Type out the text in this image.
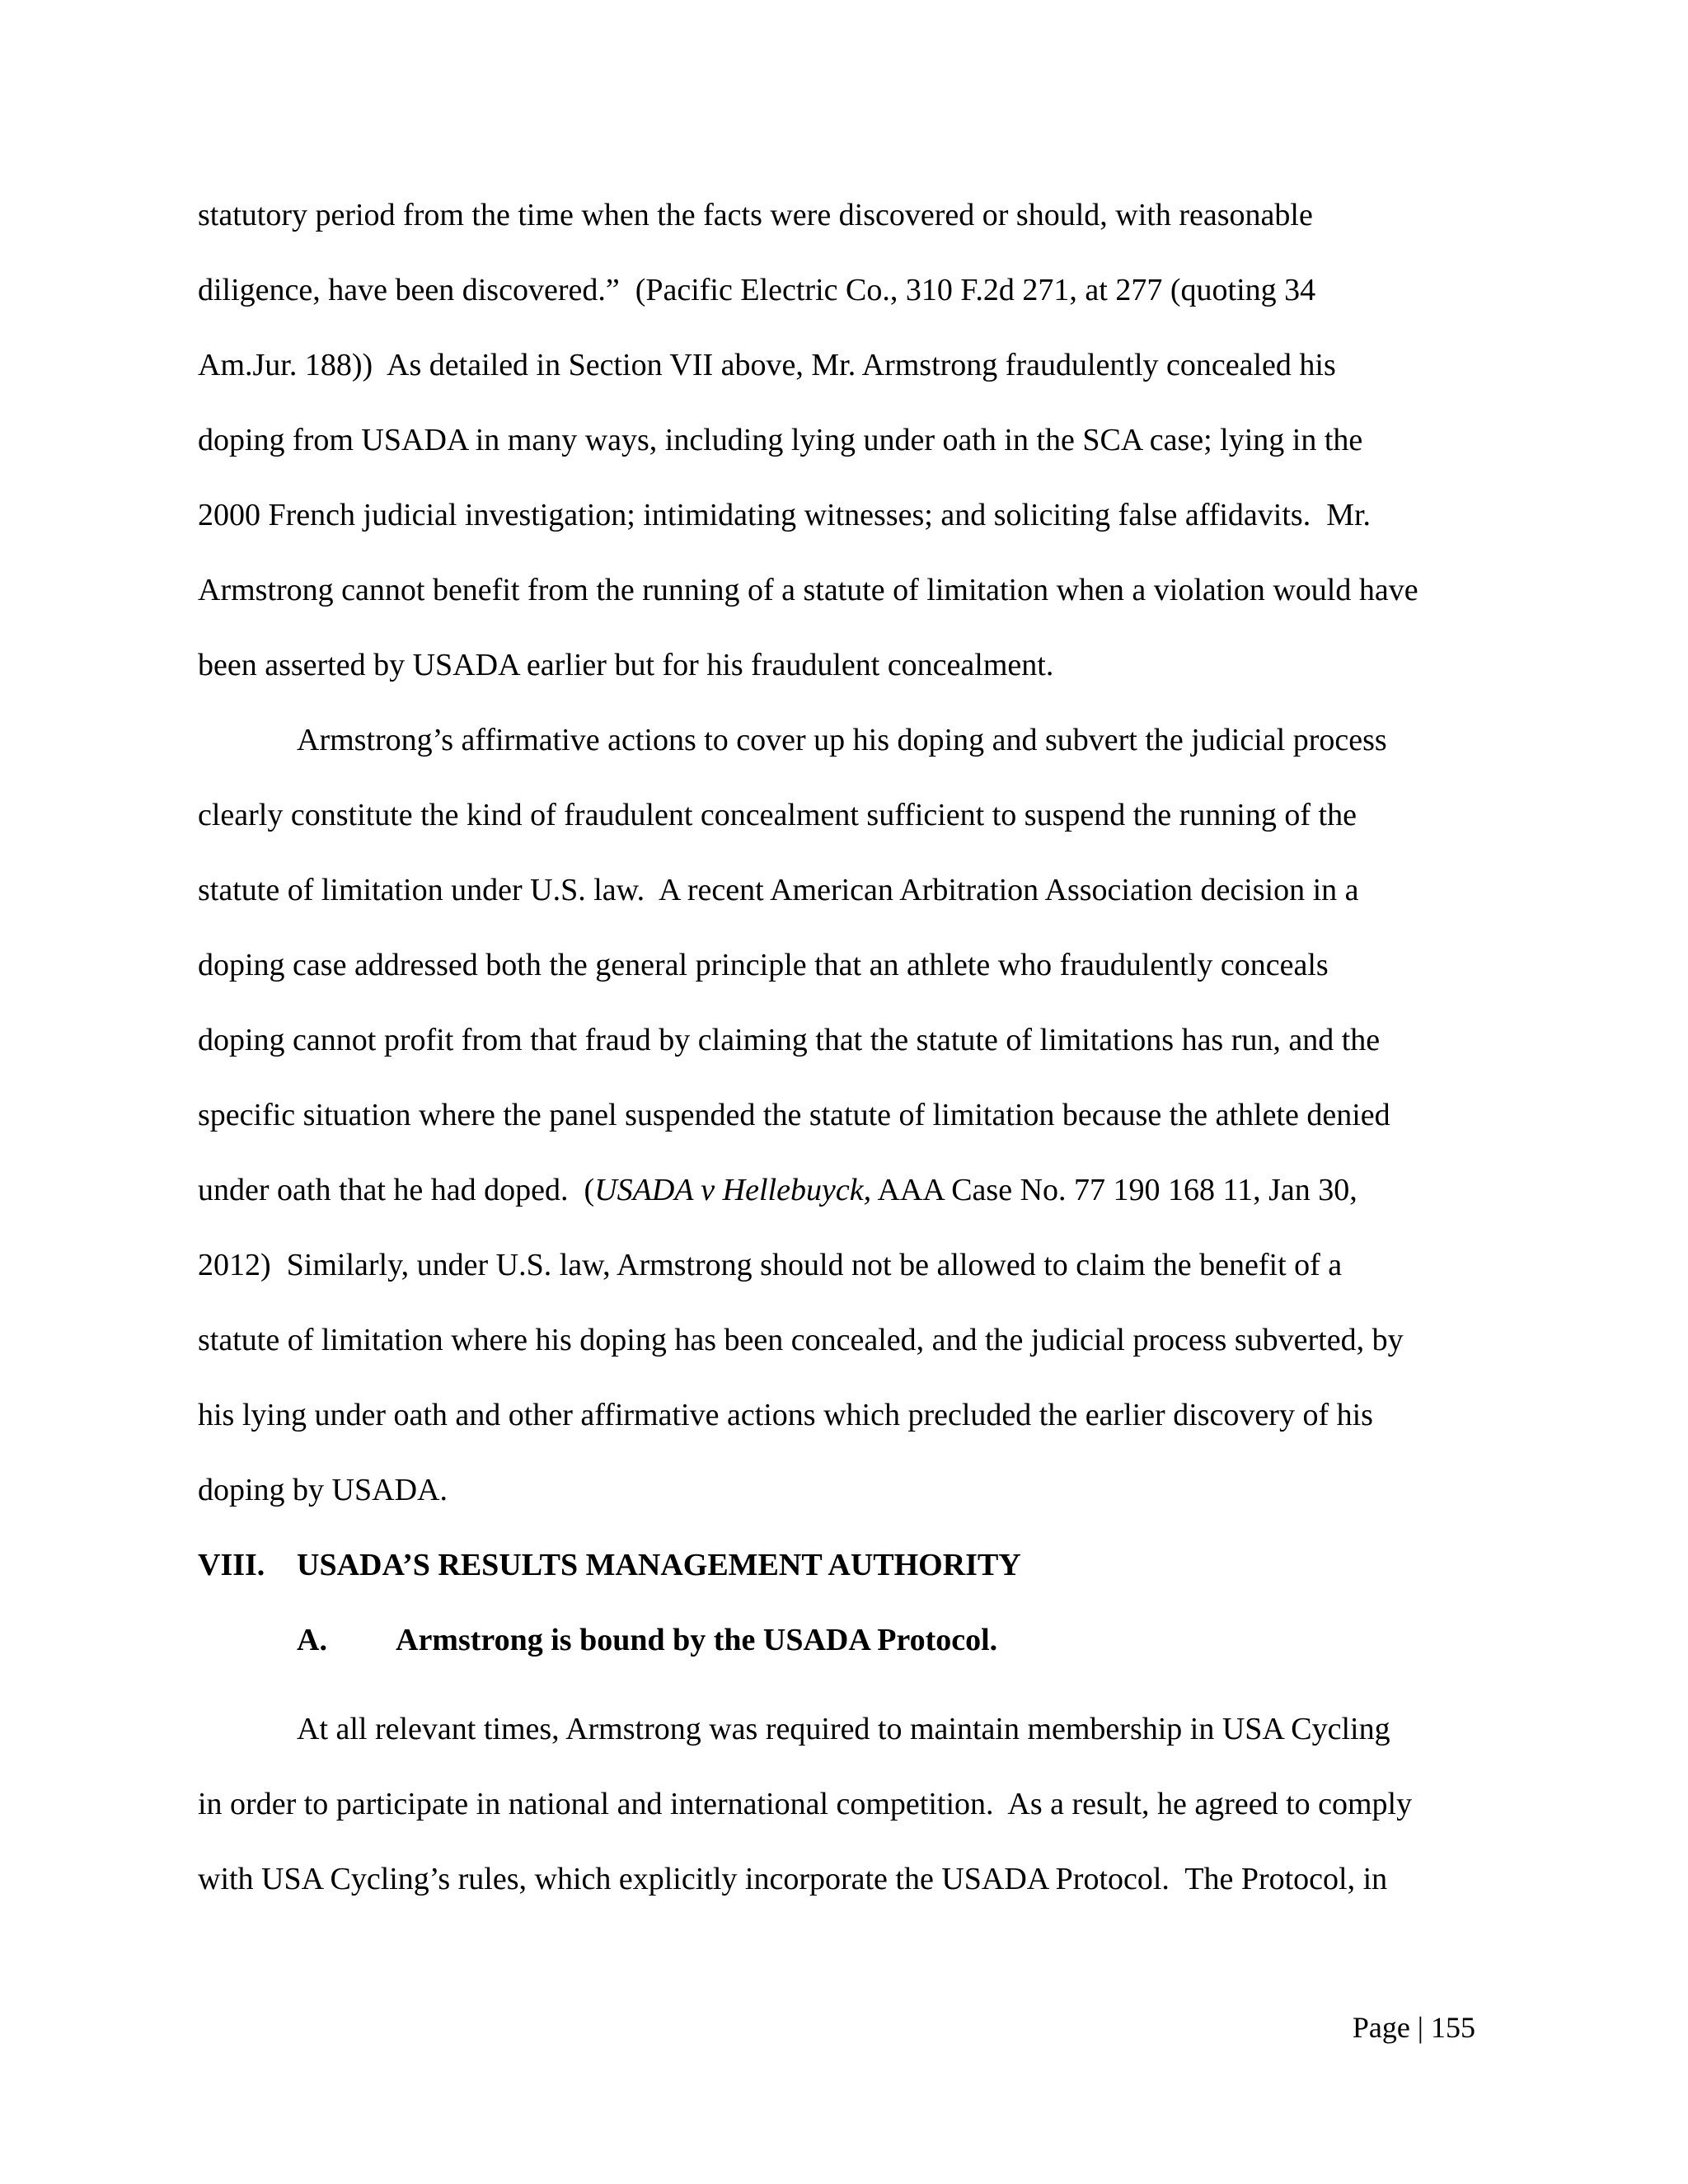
statutory period from the time when the facts were discovered or should, with reasonable

diligence, have been discovered.”  (Pacific Electric Co., 310 F.2d 271, at 277 (quoting 34

Am.Jur. 188))  As detailed in Section VII above, Mr. Armstrong fraudulently concealed his

doping from USADA in many ways, including lying under oath in the SCA case; lying in the

2000 French judicial investigation; intimidating witnesses; and soliciting false affidavits.  Mr.

Armstrong cannot benefit from the running of a statute of limitation when a violation would have

been asserted by USADA earlier but for his fraudulent concealment.

Armstrong’s affirmative actions to cover up his doping and subvert the judicial process

clearly constitute the kind of fraudulent concealment sufficient to suspend the running of the

statute of limitation under U.S. law.  A recent American Arbitration Association decision in a

doping case addressed both the general principle that an athlete who fraudulently conceals

doping cannot profit from that fraud by claiming that the statute of limitations has run, and the

specific situation where the panel suspended the statute of limitation because the athlete denied

under oath that he had doped.  (USADA v Hellebuyck, AAA Case No. 77 190 168 11, Jan 30,

2012)  Similarly, under U.S. law, Armstrong should not be allowed to claim the benefit of a

statute of limitation where his doping has been concealed, and the judicial process subverted, by

his lying under oath and other affirmative actions which precluded the earlier discovery of his

doping by USADA.

VIII. USADA’S RESULTS MANAGEMENT AUTHORITY
A. Armstrong is bound by the USADA Protocol.

At all relevant times, Armstrong was required to maintain membership in USA Cycling

in order to participate in national and international competition.  As a result, he agreed to comply

with USA Cycling’s rules, which explicitly incorporate the USADA Protocol.  The Protocol, in

Page | 155
